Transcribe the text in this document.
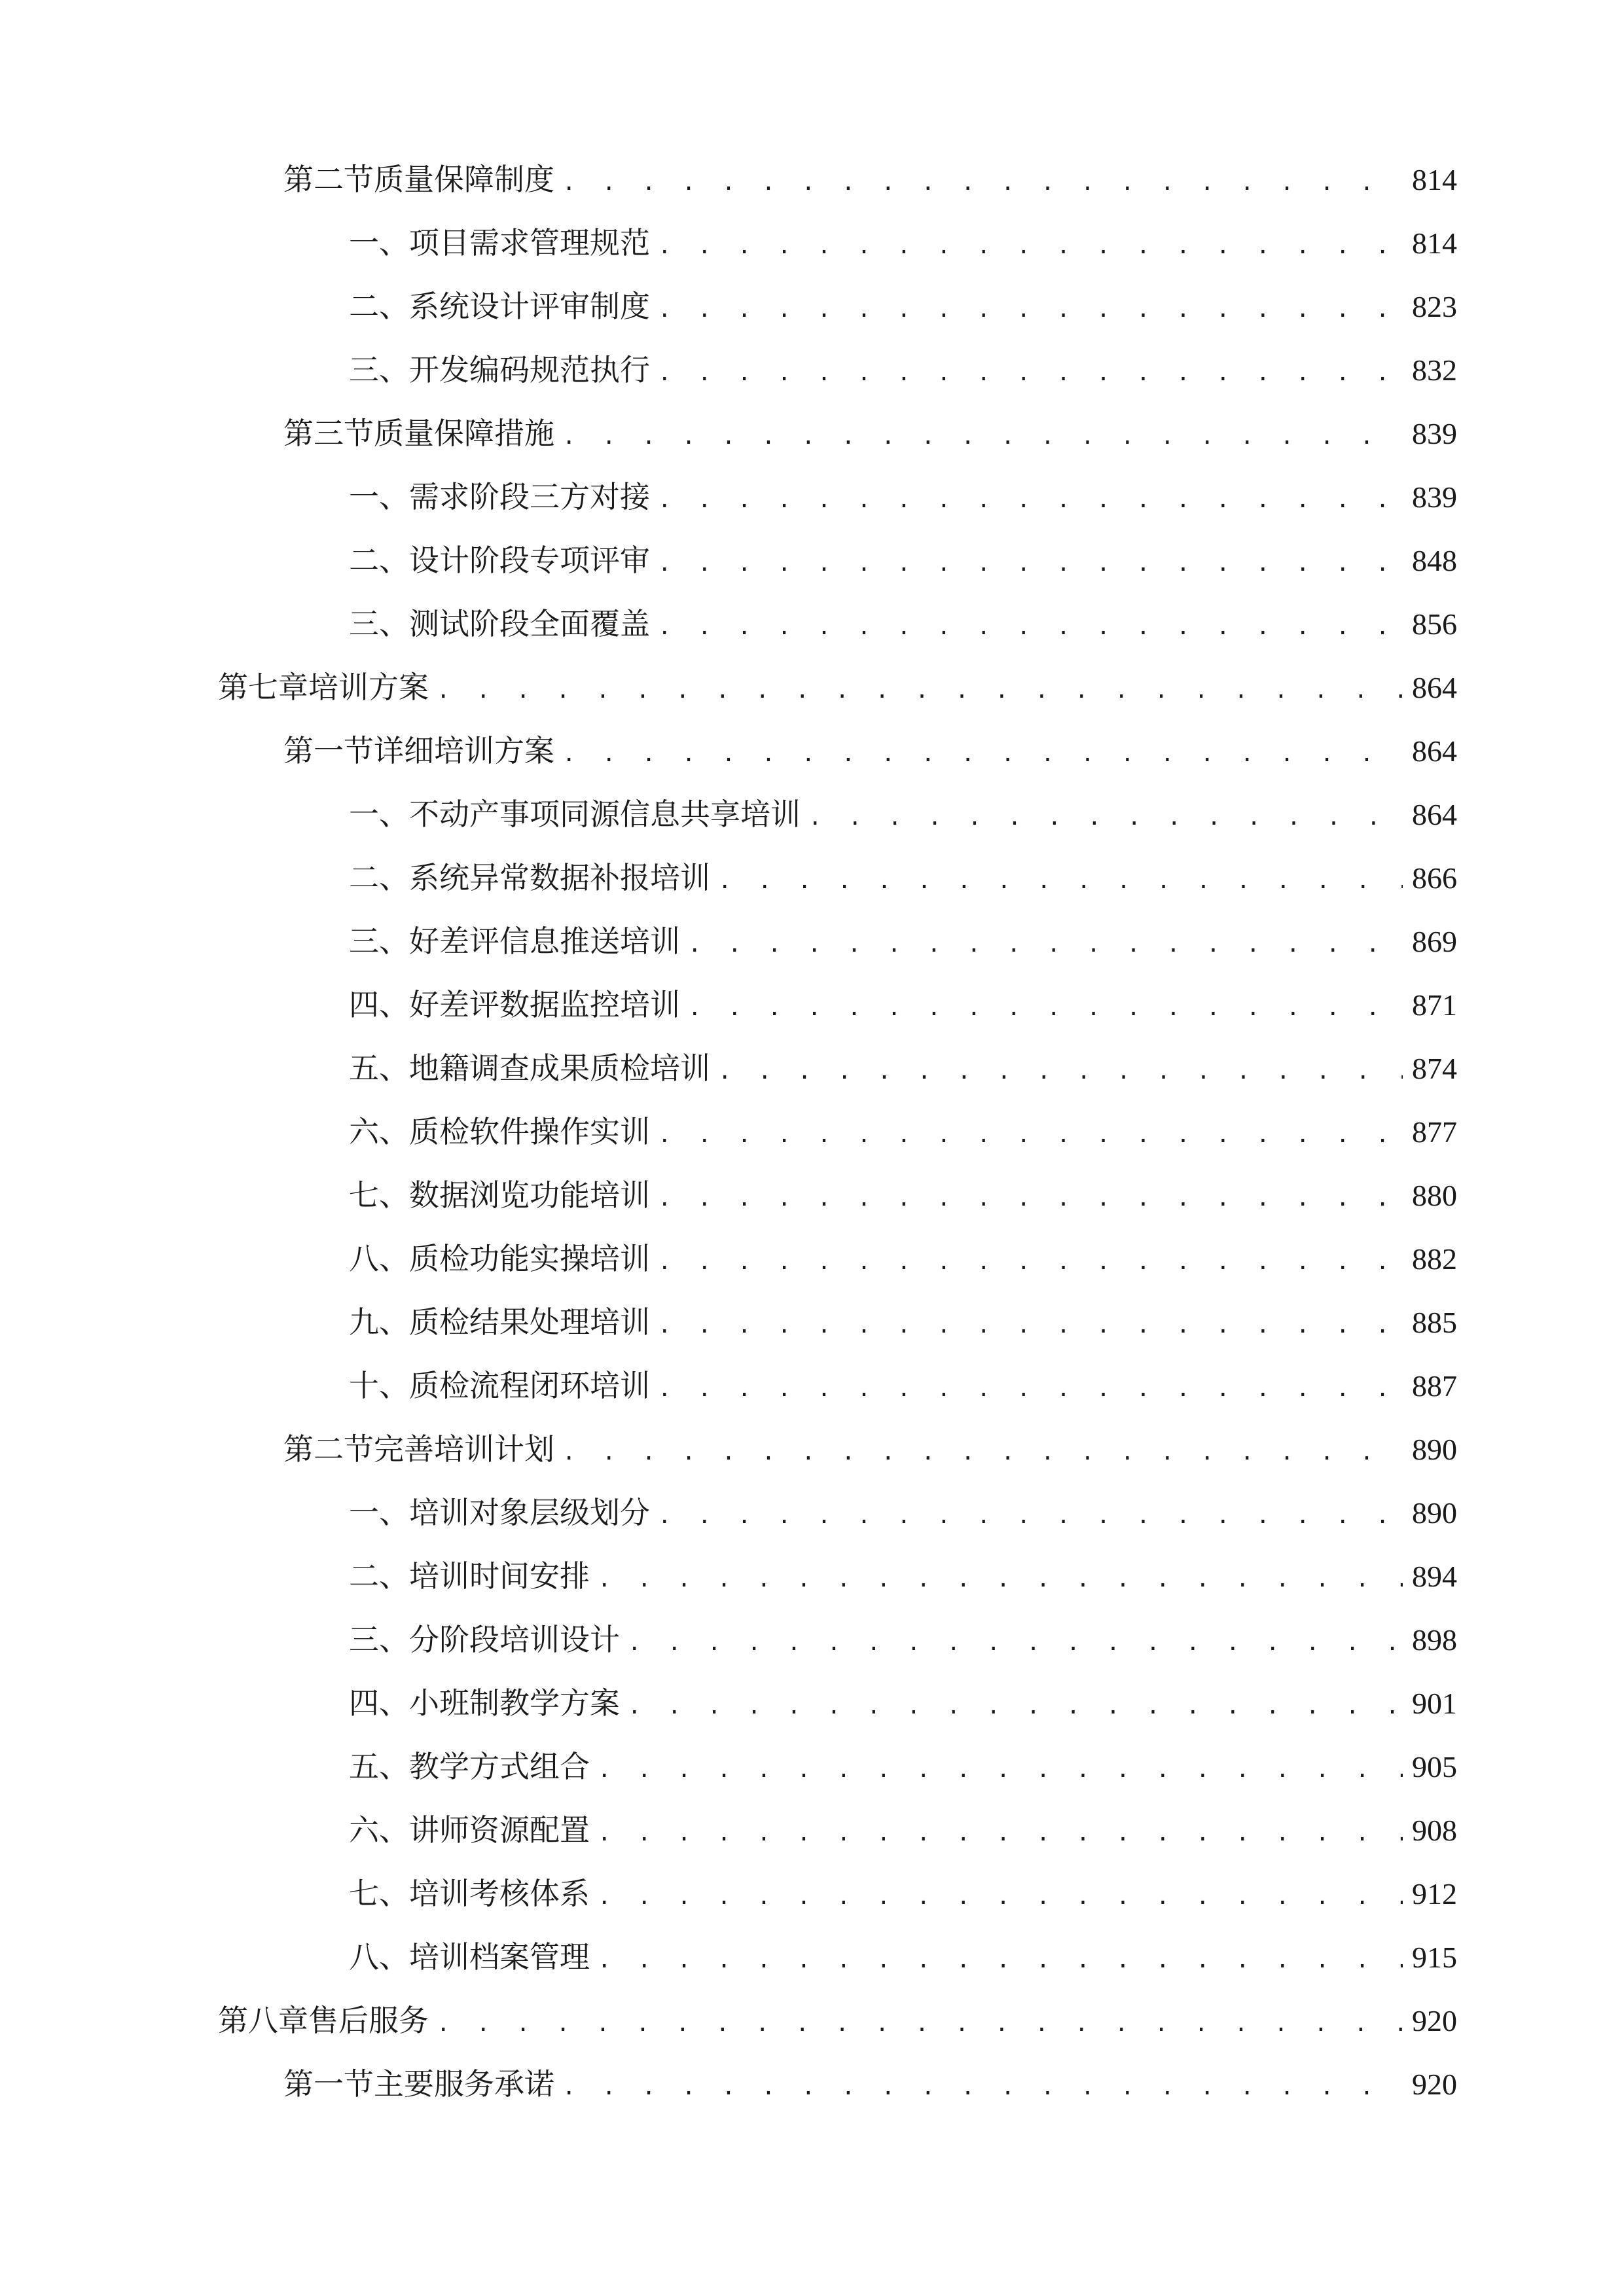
第二节 质量保障制度 . . .	814
一、 项目需求管理规范 . . .	814
二、 系统设计评审制度 . . .	823
三、 开发编码规范执行 . . .	832
第三节 质量保障措施 . . .	839
一、 需求阶段三方对接 . . .	839
二、 设计阶段专项评审 . . .	848
三、 测试阶段全面覆盖 . . .	856
第七章 培训方案 . . .	864
第一节 详细培训方案 . . .	864
一、 不动产事项同源信息共享培训 . . .	864
二、 系统异常数据补报培训 . . .	866
三、 好差评信息推送培训 . . .	869
四、 好差评数据监控培训 . . .	871
五、 地籍调查成果质检培训 . . .	874
六、 质检软件操作实训 . . .	877
七、 数据浏览功能培训 . . .	880
八、 质检功能实操培训 . . .	882
九、 质检结果处理培训 . . .	885
十、 质检流程闭环培训 . . .	887
第二节 完善培训计划 . . .	890
一、 培训对象层级划分 . . .	890
二、 培训时间安排 . . .	894
三、 分阶段培训设计 . . .	898
四、 小班制教学方案 . . .	901
五、 教学方式组合 . . .	905
六、 讲师资源配置 . . .	908
七、 培训考核体系 . . .	912
八、 培训档案管理 . . .	915
第八章 售后服务 . . .	920
第一节 主要服务承诺 . . .	920
